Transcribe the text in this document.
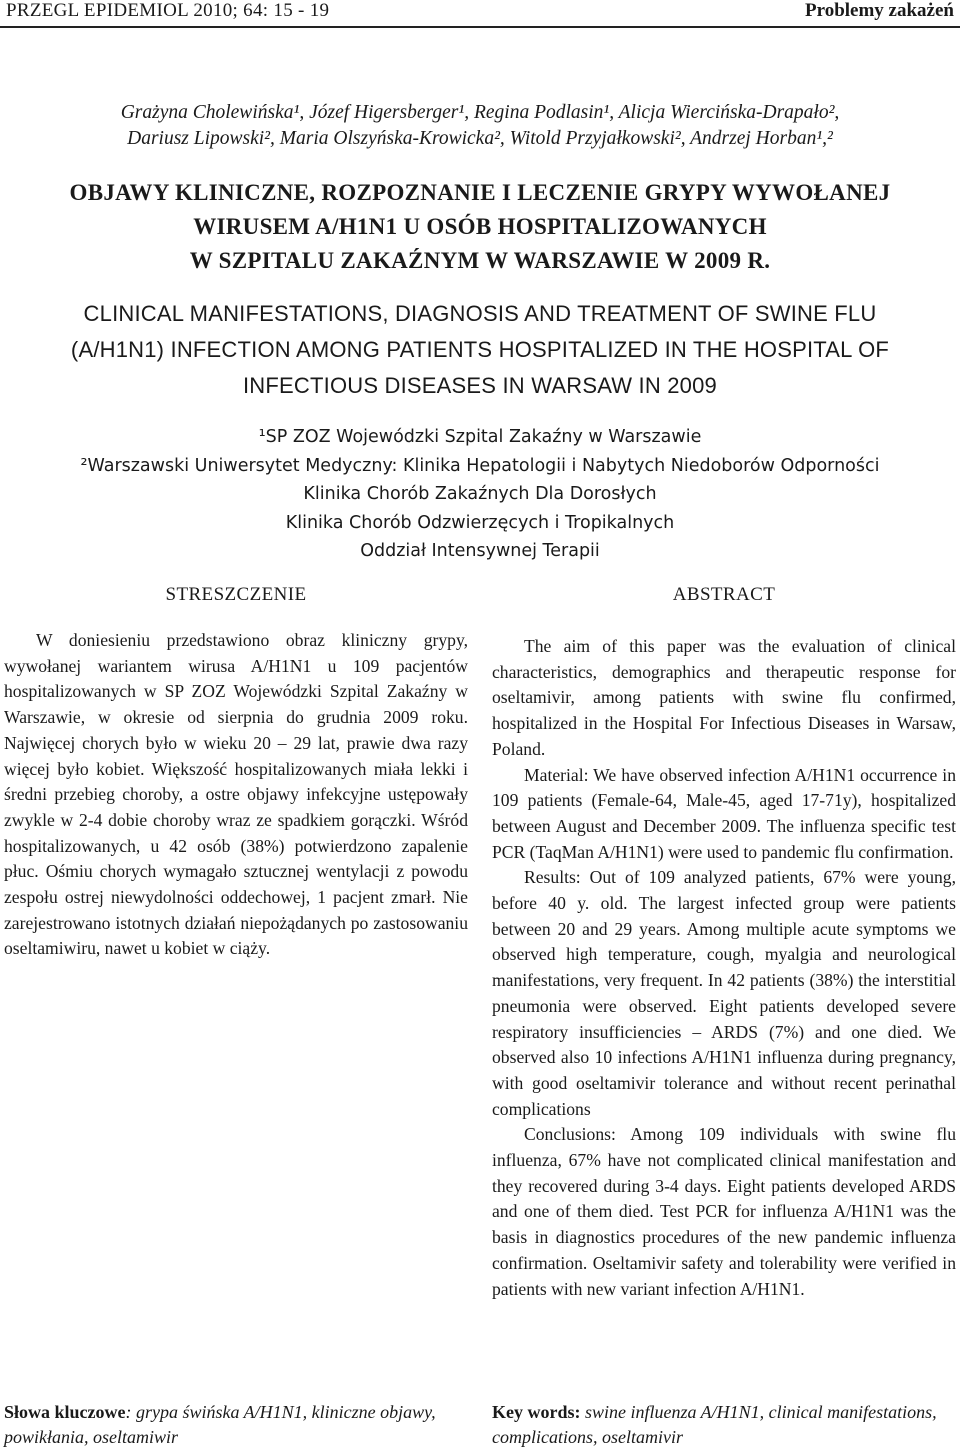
PRZEGL EPIDEMIOL 2010; 64: 15 - 19	Problemy zakażeń
Grażyna Cholewińska¹, Józef Higersberger¹, Regina Podlasin¹, Alicja Wiercińska-Drapało²,
Dariusz Lipowski², Maria Olszyńska-Krowicka², Witold Przyjałkowski², Andrzej Horban¹,²
OBJAWY KLINICZNE, ROZPOZNANIE I LECZENIE GRYPY WYWOŁANEJ
WIRUSEM A/H1N1 U OSÓB HOSPITALIZOWANYCH
W SZPITALU ZAKAŹNYM W WARSZAWIE W 2009 R.
CLINICAL MANIFESTATIONS, DIAGNOSIS AND TREATMENT OF SWINE FLU
(A/H1N1) INFECTION AMONG PATIENTS HOSPITALIZED IN THE HOSPITAL OF
INFECTIOUS DISEASES IN WARSAW IN 2009
¹SP ZOZ Wojewódzki Szpital Zakaźny w Warszawie
²Warszawski Uniwersytet Medyczny: Klinika Hepatologii i Nabytych Niedoborów Odporności
Klinika Chorób Zakaźnych Dla Dorosłych
Klinika Chorób Odzwierzęcych i Tropikalnych
Oddział Intensywnej Terapii
STRESZCZENIE	ABSTRACT

W doniesieniu przedstawiono obraz kliniczny grypy, wywołanej wariantem wirusa A/H1N1 u 109 pacjentów hospitalizowanych w SP ZOZ Wojewódzki Szpital Zakaźny w Warszawie, w okresie od sierpnia do grudnia 2009 roku. Najwięcej chorych było w wieku 20 – 29 lat, prawie dwa razy więcej było kobiet. Większość hospitalizowanych miała lekki i średni przebieg choroby, a ostre objawy infekcyjne ustępowały zwykle w 2-4 dobie choroby wraz ze spadkiem gorączki. Wśród hospitalizowanych, u 42 osób (38%) potwierdzono zapalenie płuc. Ośmiu chorych wymagało sztucznej wentylacji z powodu zespołu ostrej niewydolności oddechowej, 1 pacjent zmarł. Nie zarejestrowano istotnych działań niepożądanych po zastosowaniu oseltamiwiru, nawet u kobiet w ciąży.

The aim of this paper was the evaluation of clinical characteristics, demographics and therapeutic response for oseltamivir, among patients with swine flu confirmed, hospitalized in the Hospital For Infectious Diseases in Warsaw, Poland.

Material: We have observed infection A/H1N1 occurrence in 109 patients (Female-64, Male-45, aged 17-71y), hospitalized between August and December 2009. The influenza specific test PCR (TaqMan A/H1N1) were used to pandemic flu confirmation.

Results: Out of 109 analyzed patients, 67% were young, before 40 y. old. The largest infected group were patients between 20 and 29 years. Among multiple acute symptoms we observed high temperature, cough, myalgia and neurological manifestations, very frequent. In 42 patients (38%) the interstitial pneumonia were observed. Eight patients developed severe respiratory insufficiencies – ARDS (7%) and one died. We observed also 10 infections A/H1N1 influenza during pregnancy, with good oseltamivir tolerance and without recent perinathal complications

Conclusions: Among 109 individuals with swine flu influenza, 67% have not complicated clinical manifestation and they recovered during 3-4 days. Eight patients developed ARDS and one of them died. Test PCR for influenza A/H1N1 was the basis in diagnostics procedures of the new pandemic influenza confirmation. Oseltamivir safety and tolerability were verified in patients with new variant infection A/H1N1.

Słowa kluczowe: grypa świńska A/H1N1, kliniczne objawy, powikłania, oseltamiwir
Key words: swine influenza A/H1N1, clinical manifestations, complications, oseltamivir
